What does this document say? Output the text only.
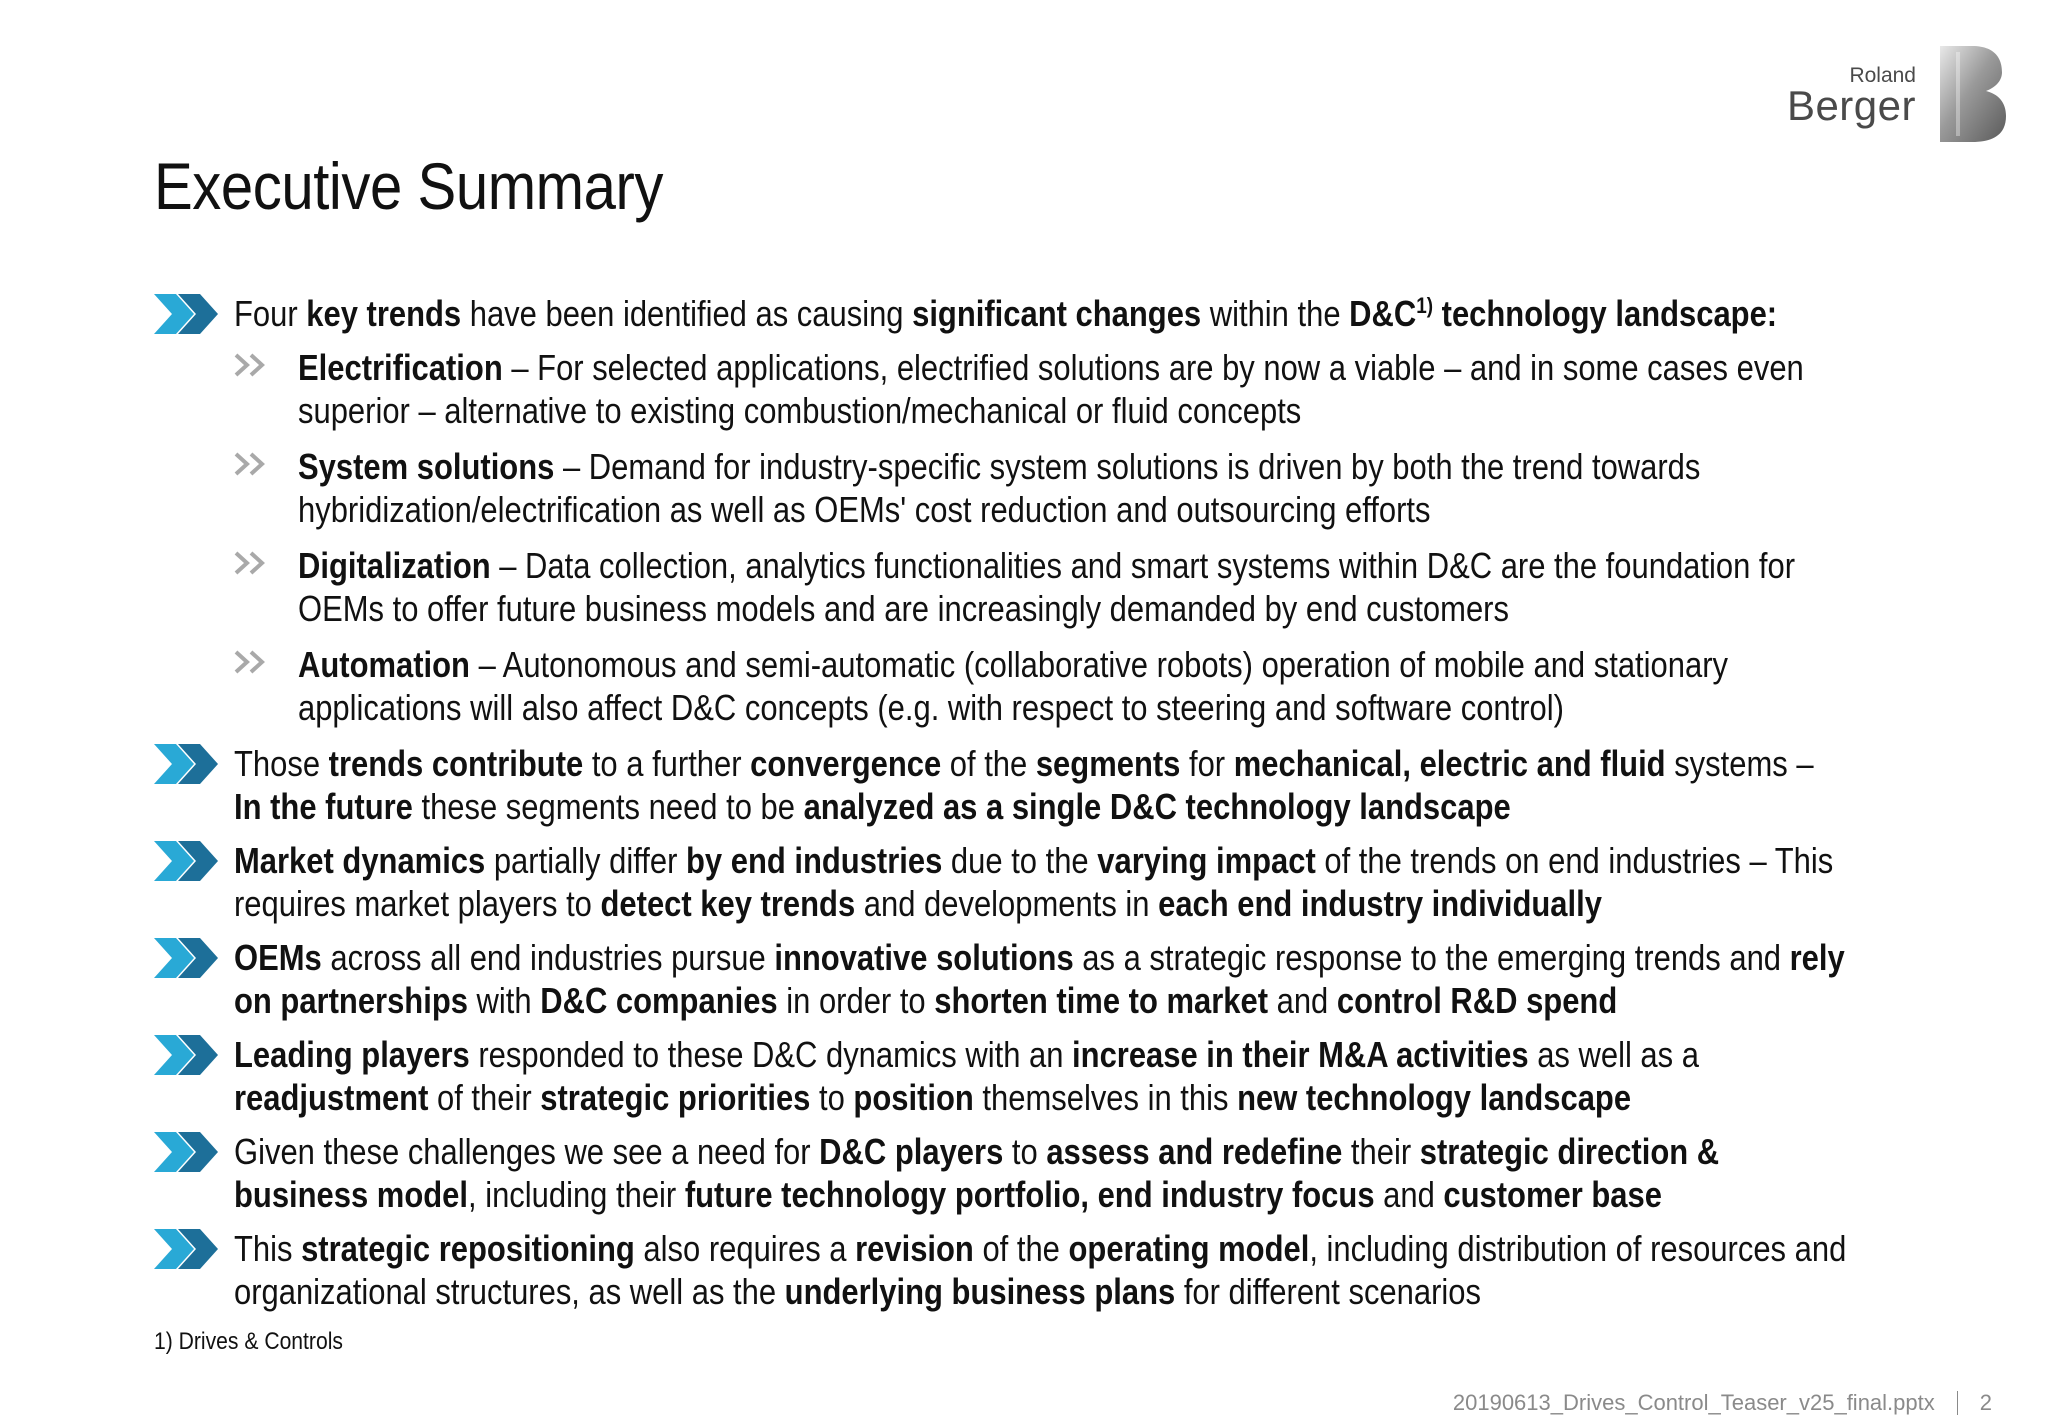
Roland
Berger
Executive Summary
Four key trends have been identified as causing significant changes within the $D\&C^{1)}$ technology landscape:
Electrification – For selected applications, electrified solutions are by now a viable – and in some cases even
superior – alternative to existing combustion/mechanical or fluid concepts
System solutions – Demand for industry-specific system solutions is driven by both the trend towards
hybridization/electrification as well as OEMs' cost reduction and outsourcing efforts
Digitalization – Data collection, analytics functionalities and smart systems within D&C are the foundation for
OEMs to offer future business models and are increasingly demanded by end customers
Automation – Autonomous and semi-automatic (collaborative robots) operation of mobile and stationary
applications will also affect D&C concepts (e.g. with respect to steering and software control)
Those trends contribute to a further convergence of the segments for mechanical, electric and fluid systems –
In the future these segments need to be analyzed as a single D&C technology landscape
Market dynamics partially differ by end industries due to the varying impact of the trends on end industries – This
requires market players to detect key trends and developments in each end industry individually
OEMs across all end industries pursue innovative solutions as a strategic response to the emerging trends and rely
on partnerships with D&C companies in order to shorten time to market and control R&D spend
Leading players responded to these D&C dynamics with an increase in their M&A activities as well as a
readjustment of their strategic priorities to position themselves in this new technology landscape
Given these challenges we see a need for D&C players to assess and redefine their strategic direction &
business model, including their future technology portfolio, end industry focus and customer base
This strategic repositioning also requires a revision of the operating model, including distribution of resources and
organizational structures, as well as the underlying business plans for different scenarios
1) Drives & Controls
20190613_Drives_Control_Teaser_v25_final.pptx 2
